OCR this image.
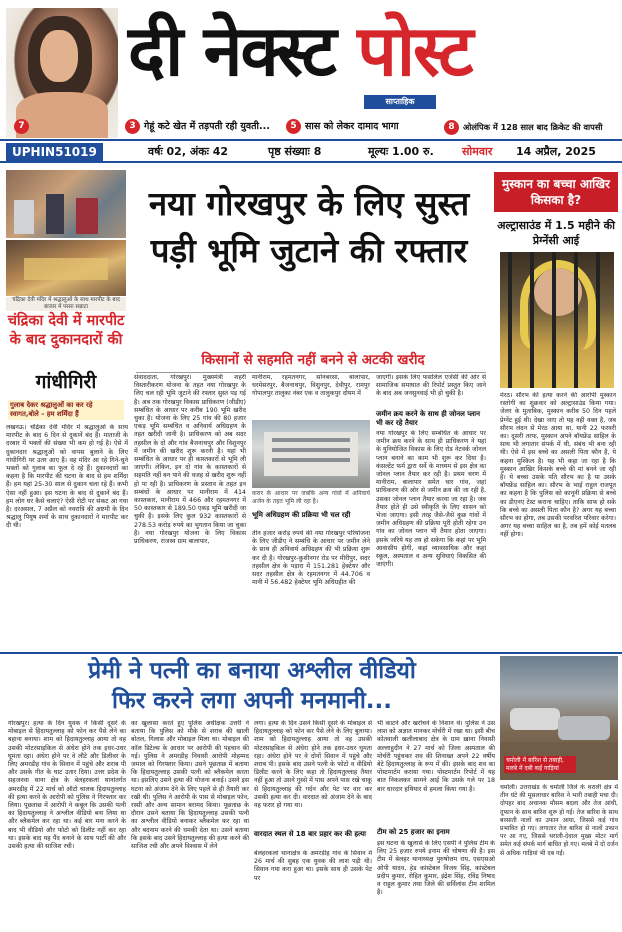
दी नेक्स्ट पोस्ट
साप्ताहिक
7	3 गेहूं कटे खेत में तड़पती रही युवती...	5 सास को लेकर दामाद भागा	8 ओलंपिक में 128 साल बाद क्रिकेट की वापसी
UPHIN51019	वर्षः 02, अंकः 42	पृष्ठ संख्याः 8	मूल्यः 1.00 रु.	सोमवार 14 अप्रैल, 2025
चंद्रिका देवी मंदिर में श्रद्धालुओं के साथ मारपीट के बाद बाजार में पसरा सन्नाटा
चंद्रिका देवी में मारपीट के बाद दुकानदारों की
गांधीगिरी
गुलाब देकर श्रद्धालुओं का कर रहे स्वागत,बोले – हम शर्मिंदा हैं
लखनऊ। चंद्रिका देवी मंदिर में श्रद्धालुओं के साथ मारपीट के बाद 6 दिन से दुकानें बंद हैं। माताजी के दरबार में भक्तों की संख्या भी कम हो गई है। ऐसे में दुकानदार श्रद्धालुओं को वापस बुलाने के लिए गांधीगिरी पर उतर आए हैं। वह मंदिर आ रहे गिने-चुने भक्तों को गुलाब का फूल दे रहे हैं। दुकानदारों का कहना है कि मारपीट की घटना के बाद से हम शर्मिंदा हैं। हम यहां 25-30 साल से दुकान चला रहे हैं। कभी ऐसा नहीं हुआ। इस घटना के बाद से दुकानें बंद हैं। हम लोग घर कैसे चलाएं? ऐसी रोटी पर संकट आ गया है। दरअसल, 7 अप्रैल को नवरात्रि की अष्टमी के दिन श्रद्धालु पियूष शर्मा के साथ दुकानदारों ने मारपीट कर दी थी।
नया गोरखपुर के लिए सुस्त पड़ी भूमि जुटाने की रफ्तार
किसानों से सहमति नहीं बनने से अटकी खरीद
संवाददाता, गोरखपुर। मुख्यमंत्री शहरी विस्तारीकरण योजना के तहत नया गोरखपुर के लिए चल रही भूमि जुटाने की रफ्तार सुस्त पड़ गई है। अब तक गोरखपुर विकास प्राधिकरण (जीडीए) सम्बंधित के आधार पर करीब 190 भूमि खरीद चुका है। योजना के लिए 25 गांव की 80 हजार एकड़ भूमि सम्बंधित व अनिवार्य अधिग्रहण के तहत खरीदी जानी है। प्राधिकरण को अब सदर तहसील के दो और गांव बैजनाथपुर और विशुनपुर में जमीन की खरीद शुरू करनी है। यहां भी सम्बंधित के आधार पर ही कास्तकारों से भूमि ली जाएगी। लेकिन, इन दो गांव के कास्तकारों से सहमति नहीं बन पाने की वजह से खरीद शुरू नहीं हो पा रही है। प्राधिकरण के प्रस्ताव के तहत इन सम्बंधों के आधार पर मानीराम में 414 कास्तकार, मानीराम में 466 और रहमतनगर में 50 कास्तकार से 189.50 एकड़ भूमि खरीदी जा चुकी है। इसके लिए कुल 932 कास्तकारों से 278.53 करोड़ रुपये का भुगतान किया जा चुका है। नया गोरखपुर योजना के लिए विकास प्राधिकरण, राजस्व ग्राम बालापार,
मानीराम, रहमतनगर, सोनबरसा, बालापार, धरमेसरपुर, बैजनाथपुर, विशुनपुर, देवीपुर, रामपुर गोपालपुर तालुका नंबर एक व तालुकपुर दोयम में
करार के आधार पर जबकि अन्य गांवों में अनिवार्य अर्जन के तहत भूमि ली रहा है।
भूमि अधिग्रहण की प्रक्रिया भी चल रही
तीन हजार करोड़ रुपये की नया गोरखपुर परियोजना के लिए जीडीए ने सम्बंधि के आधार पर जमीन लेने के साथ ही अनिवार्य अधिग्रहण की भी प्रक्रिया शुरू कर दी है। गोरखपुर-कुशीनगर रोड पर मीरीपुर, सदर तहसील क्षेत्र के पड़ारा में 151.281 हेक्टेयर और सदर तहसील क्षेत्र के रहमतनगर में 44.706 व मानी में 56.482 हेक्टेयर भूमि अधिग्रहीत की
जाएगी। इसके लिए फसलिल एजेंसी की ओर से सामाजिक समाघात की रिपोर्ट प्रस्तुत किए जाने के बाद अब जनसुनवाई भी हो चुकी है।
जमीन क्रय करने के साथ ही जोनल प्लान भी कर रहे तैयार
नया गोरखपुर के लिए सम्बंधित के आधार पर जमीन क्रय करने के साथ ही प्राधिकरण ने यहां के युनियोजित विकास के लिए रोड नेटवर्क जोनल प्लान बनाने का काम भी शुरू कर दिया है। कंसल्टेंट फर्म द्वारा सर्वे के माध्यम से इस क्षेत्र का जोनल प्लान तैयार कर रही है। प्रथम चरण में मानीराम, बालापार समेत चार गांव, जहां प्राधिकरण की ओर से जमीन क्रय की जा रही है, उसका जोनल प्लान तैयार करवा जा रहा है। जब तैयार होते ही उसे स्वीकृति के लिए शासन को भेजा जाएगा। इसी तरह जैसे-जैसे कुछ गांवों में जमीन अधिग्रहण की प्रक्रिया पूरी होती रहेगा उन गांव का जोनल प्लान भी तैयार होता जाएगा। इसके जरिये यह तय हो सकेगा कि कहां पर भूमि आवासीय होगी, कहां व्यावसायिक और कहां स्कूल, अस्पताल व अन्य सुविधाएं विकसित की जाएंगी।
मुस्कान का बच्चा आखिर किसका है?
अल्ट्रासाउंड में 1.5 महीने की प्रेग्नेंसी आई
मेरठ। सौरभ की हत्या करने की आरोपी मुस्कान रस्तोगी का शुक्रवार को अल्ट्रासाउंड किया गया। जेलर के मुताबिक, मुस्कान करीब 50 दिन पहले प्रेग्नेंट हुई थी। देखा जाए तो यह वही वक्त है, जब सौरभ लंदन से मेरठ आया था, यानी 22 फरवरी का। दूसरी तरफ, मुस्कान अपने बॉयफ्रेंड साहिल के साथ भी लगातार संपर्क में थी, संबंध भी बना रही थी। ऐसे में इस बच्चे का असली पिता कौन है, ये कहना मुश्किल है। यह भी कहा जा रहा है कि मुस्कान आखिर किसके बच्चे की मां बनने जा रही है। ये बच्चा उसके पति सौरभ का है या उसके बॉयफ्रेंड साहिल का। सौरभ के भाई राहुल राजपूत का कहना है कि पुलिस को कानूनी प्रक्रिया से बच्चे का डीएनए टेस्ट कराना चाहिए। ताकि साफ हो सके कि बच्चे का असली पिता कौन है? अगर यह बच्चा सौरभ का होगा, तब उसकी परवरिश परिवार करेगा। अगर यह बच्चा साहिल का है, तब हमें कोई मतलब नहीं होगा।
प्रेमी ने पत्नी का बनाया अश्लील वीडियो
फिर करने लगा अपनी मनमानी...
गोरखपुर। हत्या के दिन युवक ने किसी दूसरे के मोबाइल से हिदायतुल्लाह को फोन कर पैसे लेने का बहाना बनाया। शाम को हिदायतुल्लाह आया तो वह उसकी मोटरसाइकिल से अंधेरा होने तक इधर-उधर घूमता रहा। अंधेरा होने पर वे लौटे और डिलीवर के लिए अमरडीह गांव के सिवान में पहुंचे और शराब पी और उसके गीत के घाट उतार दिया। उत्तर प्रदेश के सहजनवा थाना क्षेत्र के बेलहरकलां थानांतर्गत अमरडीह में 22 मार्च को ऑटो चालक हिदायतुल्लाह की हत्या करने के आरोपी को पुलिस ने गिरफ्तार कर लिया। पूछताछ में आरोपी ने कबूल कि उसकी पत्नी का हिदायतुल्लाह ने अश्लील वीडियो बना लिया था और ब्लैकमेल कर रहा था। कई बार मना करने के बाद भी वीडियो और फोटो को डिलीट नहीं कर रहा था। इसके बाद यह पैंद बनाने के साथ पार्टी की और उसकी हत्या की साजिश रची।
का खुलासा करते हुए पुलिस अधीक्षक उत्तरी ने बताया कि पुलिस को मौके से शराब की खाली बोतल, गिलास और मोबाइल मिला था। मोबाइल की कॉल डिटेल्स के आधार पर आरोपी की पहचान की गई। पुलिस ने अमरडीह निवासी आरोपी मोहम्मद जमाल को गिरफ्तार किया। उसने पूछताछ में बताया कि हिदायतुल्लाह उसकी पत्नी को ब्लैकमेल करता था। इसलिए उसने हत्या की योजना बनाई। उसने इस घटना को अंजाम देने के लिए पहले से ही तैयारी कर रखी थी। पुलिस ने आरोपी के पास से मोबाइल फोन, रस्सी और अन्य सामान बरामद किया। पूछताछ के दौरान उसने बताया कि हिदायतुल्लाह उसकी पत्नी का अश्लील वीडियो बनाकर ब्लैकमेल कर रहा था और बदनाम करने की धमकी देता था। उसने बताया कि इसके बाद उसने हिदायतुल्लाह की हत्या करने की साजिश रची और अपने विश्वास में लेने
लगा। हत्या के दिन उसने किसी दूसरे के मोबाइल से हिदायतुल्लाह को फोन कर पैसे लेने के लिए बुलाया। शाम को हिदायतुल्लाह आया तो वह उसकी मोटरसाइकिल से अंधेरा होने तक इधर-उधर घूमता रहा। अंधेरा होने पर वे दोनों सिवान में पहुंचे और शराब पी। इसके बाद उसने पत्नी के फोटो व वीडियो डिलीट करने के लिए कहा तो हिदायतुल्लाह तैयार नहीं हुआ तो उसने गुस्से में पास अपने पास रखे चाकू से हिदायतुल्लाह की गर्दन और पेट पर वार कर उसकी हत्या कर दी। वारदात को अंजाम देने के बाद वह फरार हो गया था।
वारदात स्थल से 18 बार प्रहार कर की हत्या
बेलहरकलां थानाक्षेत्र के अमरडीह गांव के सिवान में 26 मार्च की सुबह एक युवक की लाश पड़ी थी। सिवान गया करा हुआ था। इसके साथ ही उसके पेट पर
भी काटने और खरोंचने के निशान थे। पुलिस ने उस लाश को अज्ञात मानकर मोर्चरी में रखा था। इसी बीच कोतवाली खलीलाबाद क्षेत्र के ग्राम ख़ाना निवासी अल्लाहुदीन ने 27 मार्च को जिला अस्पताल की मोर्चरी पहुंचकर शव की शिनाख्त अपने 22 वर्षीय बेटे हिदायतुल्लाह के रूप में की। इसके बाद शव का पोस्टमार्टम कराया गया। पोस्टमार्टम रिपोर्ट में यह बात निकलकर सामने आई कि उसके गले पर 18 बार धारदार हथियार से हमला किया गया है।
टीम को 25 हजार का इनाम
इस घटना के खुलासे के लिए एसपी ने पुलिस टीम के लिए 25 हजार रुपये इनाम की घोषणा की है। इस टीम में बेलहर थानाध्यक्ष पुरुषोत्तम राय, एसएसओ ओपी यादव, हेड कांस्टेबल विजय सिंह, कांस्टेबल प्रदीप कुमार, रोहित कुमार, इंद्रेश सिंह, रविंद्र निषाद व राहुल कुमार तथा जिले की सर्विलांस टीम शामिल है।
चमोली में बारिश से तबाही, मलबे में दबी कई गाड़ियां
चमोली। उत्तराखंड के चमोली जिले के थराली क्षेत्र में तीन घंटे की मूसलाधार बारिश ने भारी तबाही मचा दी। दोपहर बाद अचानक मौसम बदला और तेज आंधी, तूफान के साथ बारिश शुरू हो गई। तेज बारिश के साथ बरसाती नालों का उफान आया, जिससे कई गांव प्रभावित हो गए। लगातार तेज बारिश से नालों उफान पर आ गए, जिससे थराली-देवाल मुख्य मोटर मार्ग समेत कई संपर्क मार्ग बाधित हो गए। मलबे में दो दर्जन से अधिक गाड़ियां भी दब गईं।
